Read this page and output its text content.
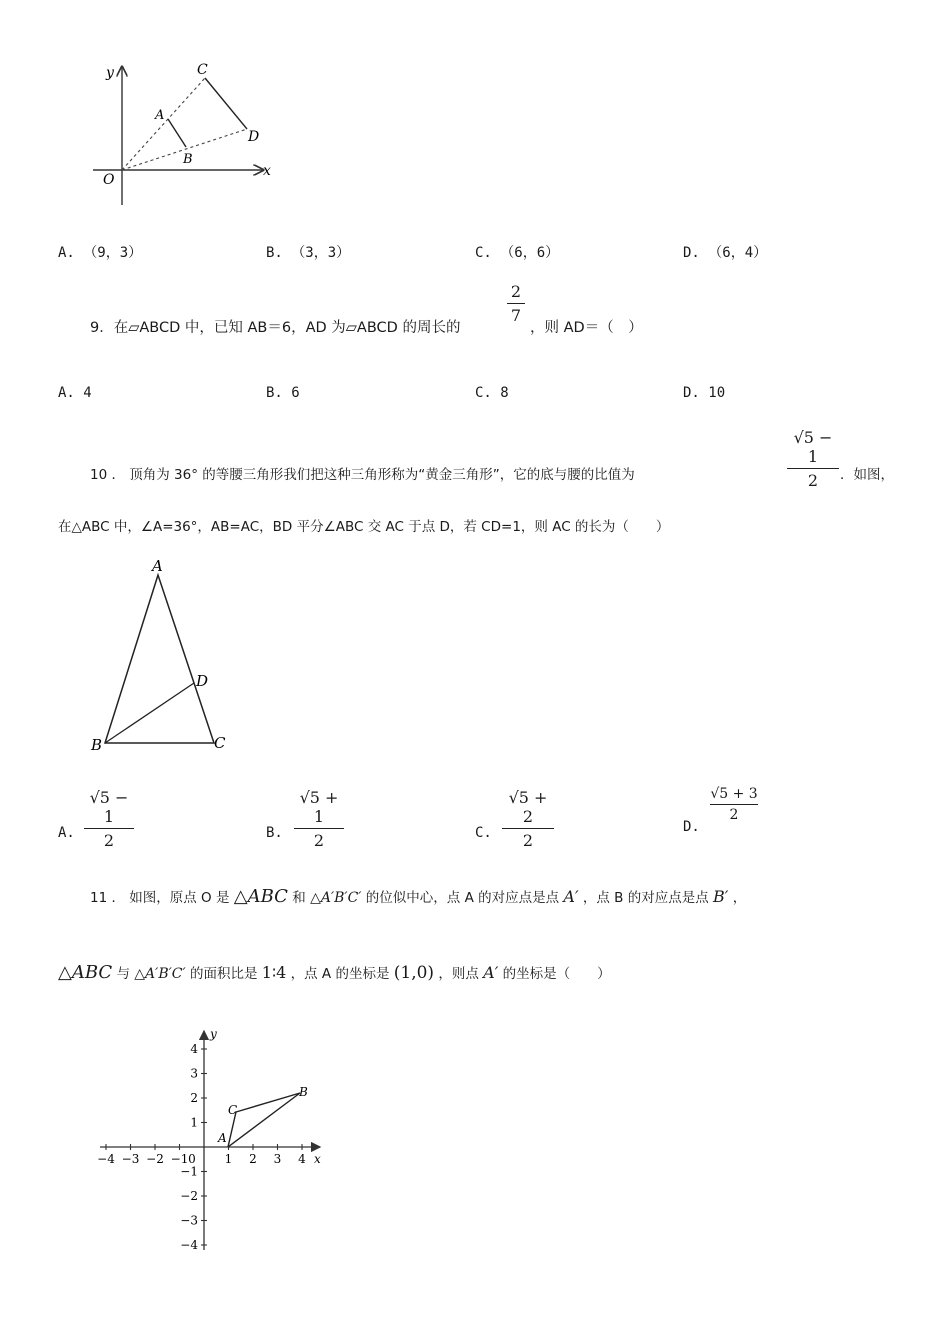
y
x
O
A
B
C
D
A. （9，3）	B. （3，3）	C. （6，6）	D. （6，4）
9．在▱ABCD 中，已知 AB＝6，AD 为▱ABCD 的周长的
2
7
，则 AD＝（　）
A. 4	B. 6	C. 8	D. 10
10 ． 顶角为 36° 的等腰三角形我们把这种三角形称为“黄金三角形”，它的底与腰的比值为
√5 − 1
2	．如图，
在△ABC 中，∠A=36°，AB=AC，BD 平分∠ABC 交 AC 于点 D，若 CD=1，则 AC 的长为（　　）
A
B	C
D
A.
√5 − 1
2	B.
√5 + 1
2	C.
√5 + 2
2
D.
√5 + 3
2
11 ． 如图，原点 O 是 △ABC 和 △A′B′C′ 的位似中心，点 A 的对应点是点 A′ ，点 B 的对应点是点 B′ ，
△ABC 与 △A′B′C′ 的面积比是 1∶4 ，点 A 的坐标是 (1,0) ，则点 A′ 的坐标是（　　）
−4 −3 −2 −1 0 1 2 3 4
4
3
2
1
−1
−2
−3
−4
x
y
A
B
C
